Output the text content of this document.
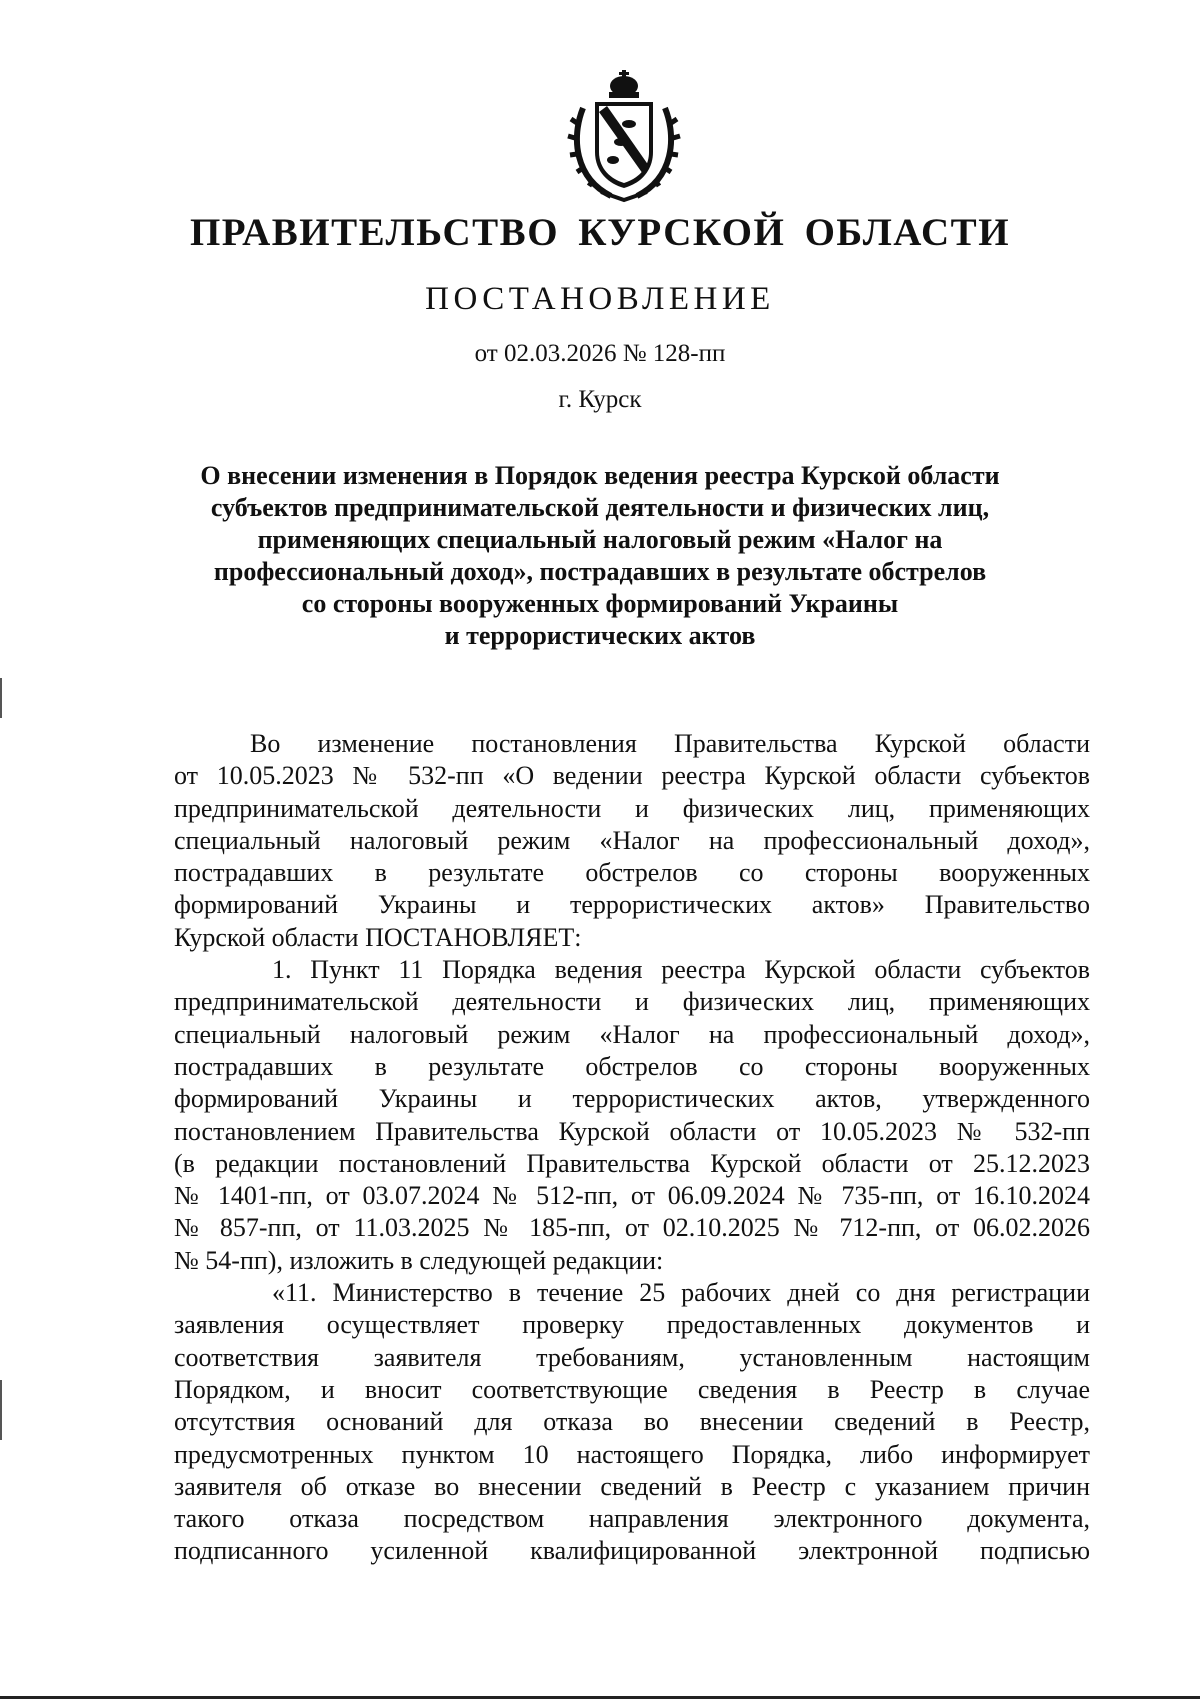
ПРАВИТЕЛЬСТВО КУРСКОЙ ОБЛАСТИ
ПОСТАНОВЛЕНИЕ
от 02.03.2026 № 128-пп
г. Курск
О внесении изменения в Порядок ведения реестра Курской области
субъектов предпринимательской деятельности и физических лиц,
применяющих специальный налоговый режим «Налог на
профессиональный доход», пострадавших в результате обстрелов
со стороны вооруженных формирований Украины
и террористических актов

Во изменение постановления Правительства Курской области
от 10.05.2023 № 532-пп «О ведении реестра Курской области субъектов
предпринимательской деятельности и физических лиц, применяющих
специальный налоговый режим «Налог на профессиональный доход»,
пострадавших в результате обстрелов со стороны вооруженных
формирований Украины и террористических актов» Правительство
Курской области ПОСТАНОВЛЯЕТ:

1. Пункт 11 Порядка ведения реестра Курской области субъектов
предпринимательской деятельности и физических лиц, применяющих
специальный налоговый режим «Налог на профессиональный доход»,
пострадавших в результате обстрелов со стороны вооруженных
формирований Украины и террористических актов, утвержденного
постановлением Правительства Курской области от 10.05.2023 № 532-пп
(в редакции постановлений Правительства Курской области от 25.12.2023
№ 1401-пп, от 03.07.2024 № 512-пп, от 06.09.2024 № 735-пп, от 16.10.2024
№ 857-пп, от 11.03.2025 № 185-пп, от 02.10.2025 № 712-пп, от 06.02.2026
№ 54-пп), изложить в следующей редакции:

«11. Министерство в течение 25 рабочих дней со дня регистрации
заявления осуществляет проверку предоставленных документов и
соответствия заявителя требованиям, установленным настоящим
Порядком, и вносит соответствующие сведения в Реестр в случае
отсутствия оснований для отказа во внесении сведений в Реестр,
предусмотренных пунктом 10 настоящего Порядка, либо информирует
заявителя об отказе во внесении сведений в Реестр с указанием причин
такого отказа посредством направления электронного документа,
подписанного усиленной квалифицированной электронной подписью
